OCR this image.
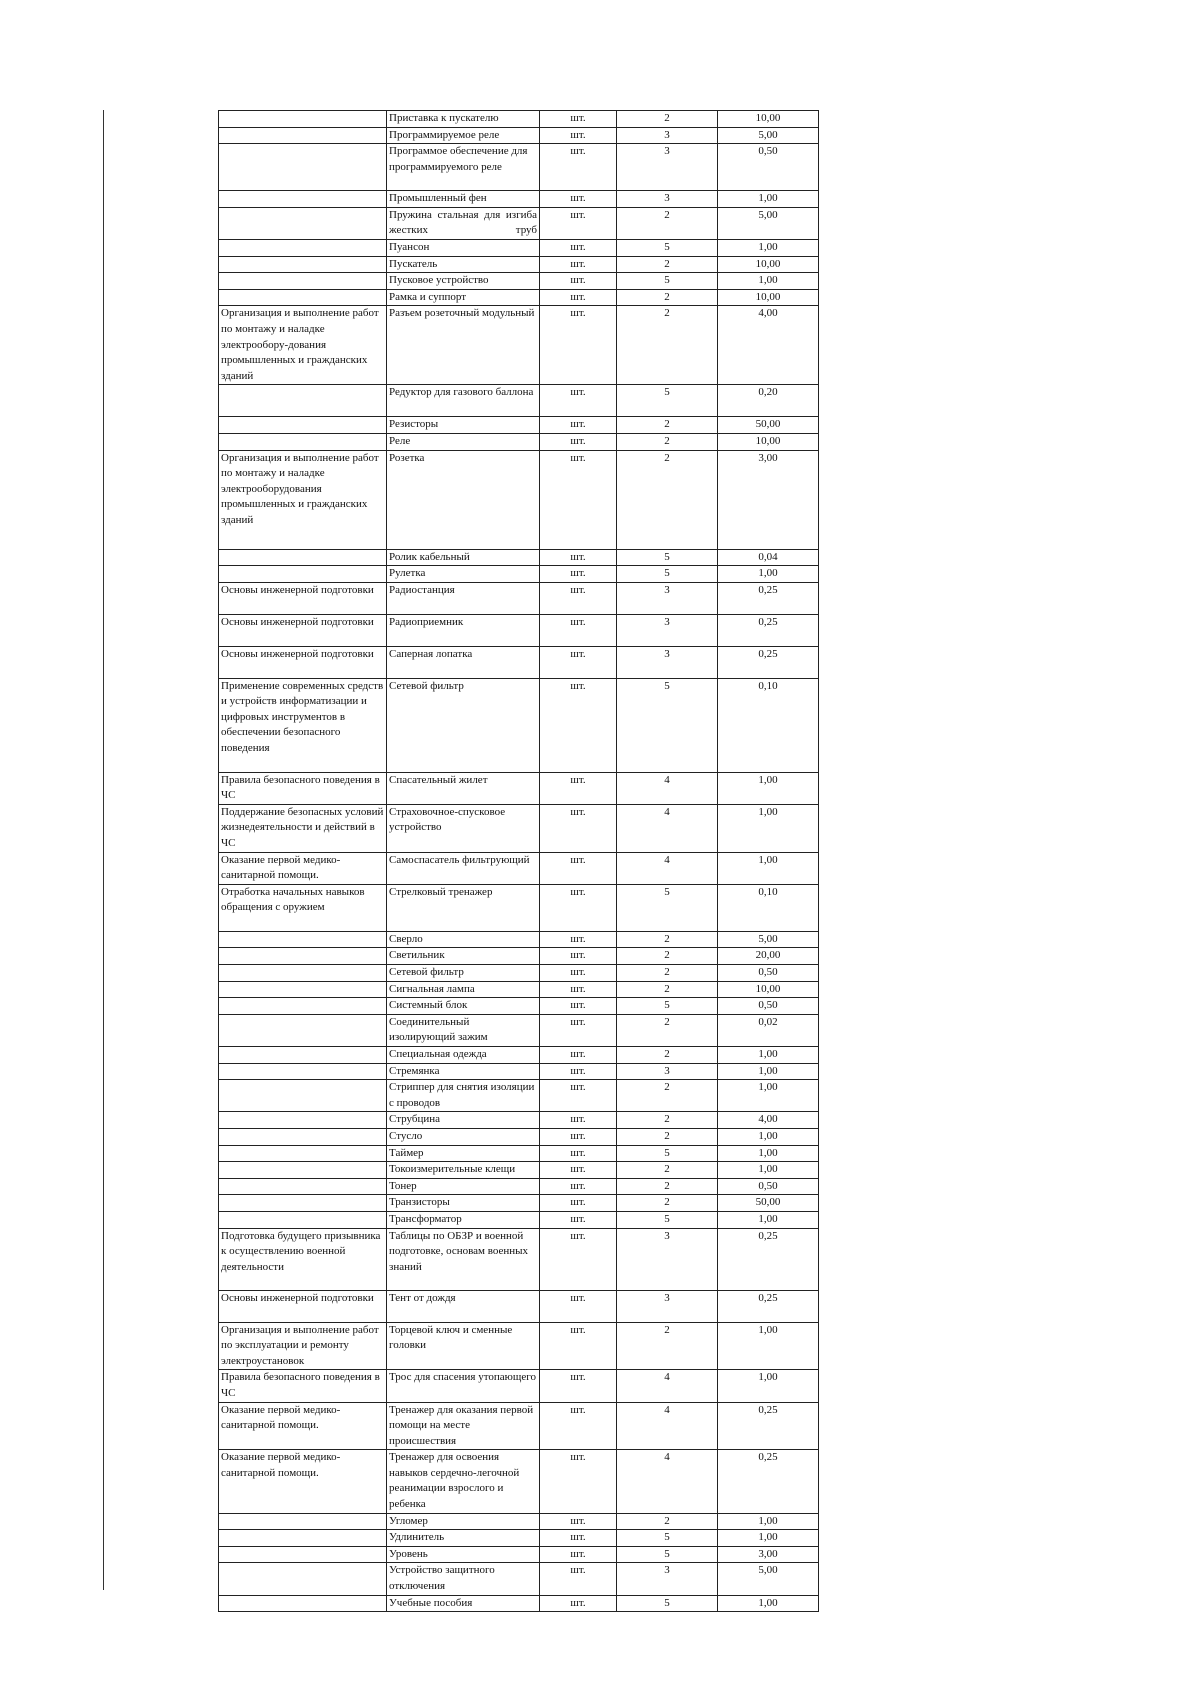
	Приставка к пускателю	шт.	2	10,00
	Программируемое реле	шт.	3	5,00
	Программое обеспечение для программируемого реле	шт.	3	0,50
	Промышленный фен	шт.	3	1,00
	Пружина стальная для изгиба жестких труб	шт.	2	5,00
	Пуансон	шт.	5	1,00
	Пускатель	шт.	2	10,00
	Пусковое устройство	шт.	5	1,00
	Рамка и суппорт	шт.	2	10,00
Организация и выполнение работ по монтажу и наладке электрообору-дования промышленных и гражданских зданий	Разъем розеточный модульный	шт.	2	4,00
	Редуктор для газового баллона	шт.	5	0,20
	Резисторы	шт.	2	50,00
	Реле	шт.	2	10,00
Организация и выполнение работ по монтажу и наладке электрооборудования промышленных и гражданских зданий	Розетка	шт.	2	3,00
	Ролик кабельный	шт.	5	0,04
	Рулетка	шт.	5	1,00
Основы инженерной подготовки	Радиостанция	шт.	3	0,25
Основы инженерной подготовки	Радиоприемник	шт.	3	0,25
Основы инженерной подготовки	Саперная лопатка	шт.	3	0,25
Применение современных средств и устройств информатизации и цифровых инструментов в обеспечении безопасного поведения	Сетевой фильтр	шт.	5	0,10
Правила безопасного поведения в ЧС	Спасательный жилет	шт.	4	1,00
Поддержание безопасных условий жизнедеятельности и действий в ЧС	Страховочное-спусковое устройство	шт.	4	1,00
Оказание первой медико-санитарной помощи.	Самоспасатель фильтрующий	шт.	4	1,00
Отработка начальных навыков обращения с оружием	Стрелковый тренажер	шт.	5	0,10
	Сверло	шт.	2	5,00
	Светильник	шт.	2	20,00
	Сетевой фильтр	шт.	2	0,50
	Сигнальная лампа	шт.	2	10,00
	Системный блок	шт.	5	0,50
	Соединительный изолирующий зажим	шт.	2	0,02
	Специальная одежда	шт.	2	1,00
	Стремянка	шт.	3	1,00
	Стриппер для снятия изоляции с проводов	шт.	2	1,00
	Струбцина	шт.	2	4,00
	Стусло	шт.	2	1,00
	Таймер	шт.	5	1,00
	Токоизмерительные клещи	шт.	2	1,00
	Тонер	шт.	2	0,50
	Транзисторы	шт.	2	50,00
	Трансформатор	шт.	5	1,00
Подготовка будущего призывника к осуществлению военной деятельности	Таблицы по ОБЗР и военной подготовке, основам военных знаний	шт.	3	0,25
Основы инженерной подготовки	Тент от дождя	шт.	3	0,25
Организация и выполнение работ по эксплуатации и ремонту электроустановок	Торцевой ключ и сменные головки	шт.	2	1,00
Правила безопасного поведения в ЧС	Трос для спасения утопающего	шт.	4	1,00
Оказание первой медико-санитарной помощи.	Тренажер для оказания первой помощи на месте происшествия	шт.	4	0,25
Оказание первой медико-санитарной помощи.	Тренажер для освоения навыков сердечно-легочной реанимации взрослого и ребенка	шт.	4	0,25
	Угломер	шт.	2	1,00
	Удлинитель	шт.	5	1,00
	Уровень	шт.	5	3,00
	Устройство защитного отключения	шт.	3	5,00
	Учебные пособия	шт.	5	1,00
